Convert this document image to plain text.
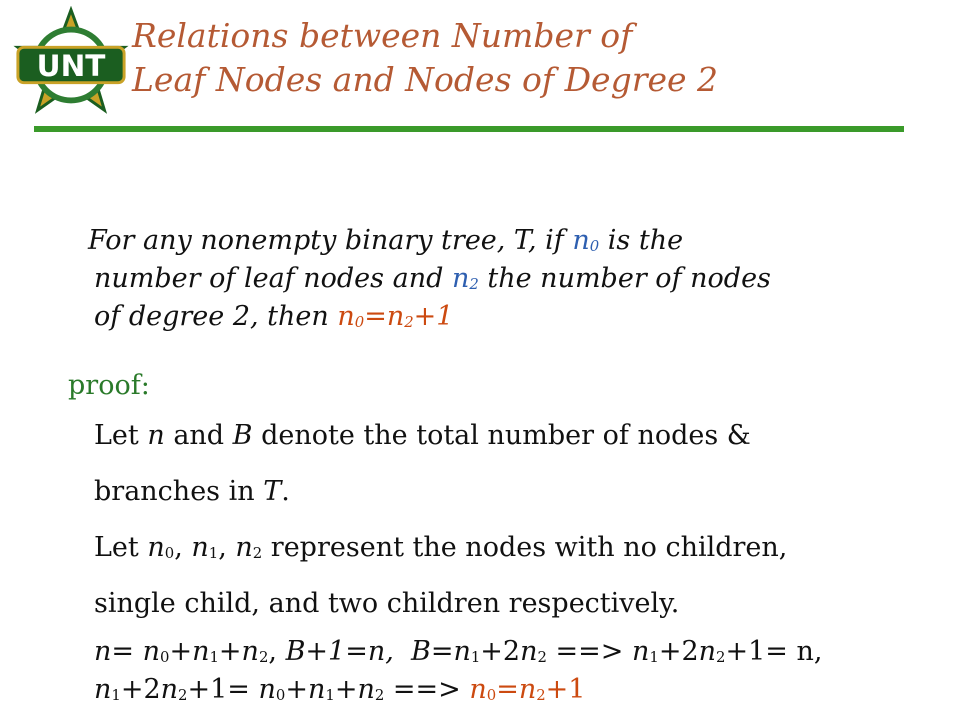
UNT
Relations between Number of
Leaf Nodes and Nodes of Degree 2
For any nonempty binary tree, T, if $n_0$ is the
number of leaf nodes and $n_2$ the number of nodes
of degree 2, then $n_0=n_2+1$
proof:
Let n and B denote the total number of nodes &
branches in T.
Let $n_0$, $n_1$, $n_2$ represent the nodes with no children,
single child, and two children respectively.
$n= n_0+n_1+n_2$, B+1=n, $B=n_1+2n_2$ ==> $n_1+2n_2+1= n$,
$n_1+2n_2+1= n_0+n_1+n_2$ ==> $n_0=n_2+1$
